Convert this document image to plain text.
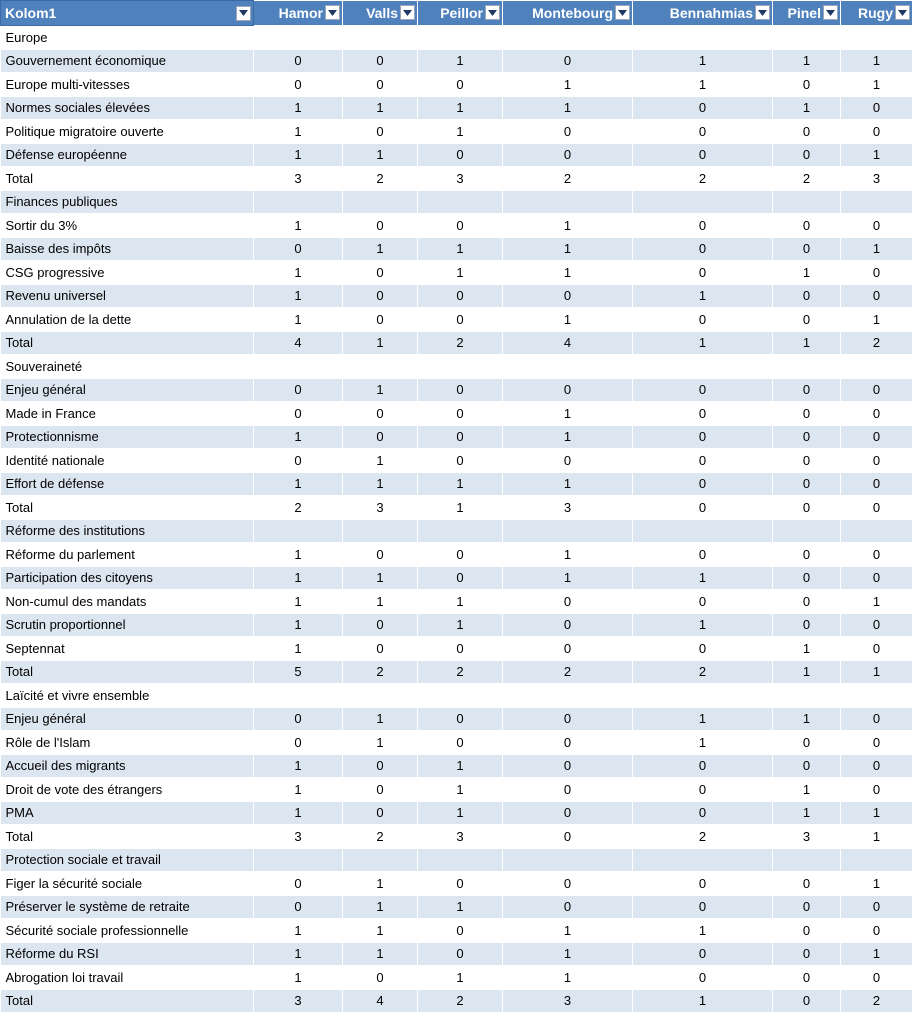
Kolom1	Hamor	Valls	Peillor	Montebourg	Bennahmias	Pinel	Rugy

Europe							
Gouvernement économique	0	0	1	0	1	1	1
Europe multi-vitesses	0	0	0	1	1	0	1
Normes sociales élevées	1	1	1	1	0	1	0
Politique migratoire ouverte	1	0	1	0	0	0	0
Défense européenne	1	1	0	0	0	0	1
Total	3	2	3	2	2	2	3
Finances publiques							
Sortir du 3%	1	0	0	1	0	0	0
Baisse des impôts	0	1	1	1	0	0	1
CSG progressive	1	0	1	1	0	1	0
Revenu universel	1	0	0	0	1	0	0
Annulation de la dette	1	0	0	1	0	0	1
Total	4	1	2	4	1	1	2
Souveraineté							
Enjeu général	0	1	0	0	0	0	0
Made in France	0	0	0	1	0	0	0
Protectionnisme	1	0	0	1	0	0	0
Identité nationale	0	1	0	0	0	0	0
Effort de défense	1	1	1	1	0	0	0
Total	2	3	1	3	0	0	0
Réforme des institutions							
Réforme du parlement	1	0	0	1	0	0	0
Participation des citoyens	1	1	0	1	1	0	0
Non-cumul des mandats	1	1	1	0	0	0	1
Scrutin proportionnel	1	0	1	0	1	0	0
Septennat	1	0	0	0	0	1	0
Total	5	2	2	2	2	1	1
Laïcité et vivre ensemble							
Enjeu général	0	1	0	0	1	1	0
Rôle de l'Islam	0	1	0	0	1	0	0
Accueil des migrants	1	0	1	0	0	0	0
Droit de vote des étrangers	1	0	1	0	0	1	0
PMA	1	0	1	0	0	1	1
Total	3	2	3	0	2	3	1
Protection sociale et travail							
Figer la sécurité sociale	0	1	0	0	0	0	1
Préserver le système de retraite	0	1	1	0	0	0	0
Sécurité sociale professionnelle	1	1	0	1	1	0	0
Réforme du RSI	1	1	0	1	0	0	1
Abrogation loi travail	1	0	1	1	0	0	0
Total	3	4	2	3	1	0	2
